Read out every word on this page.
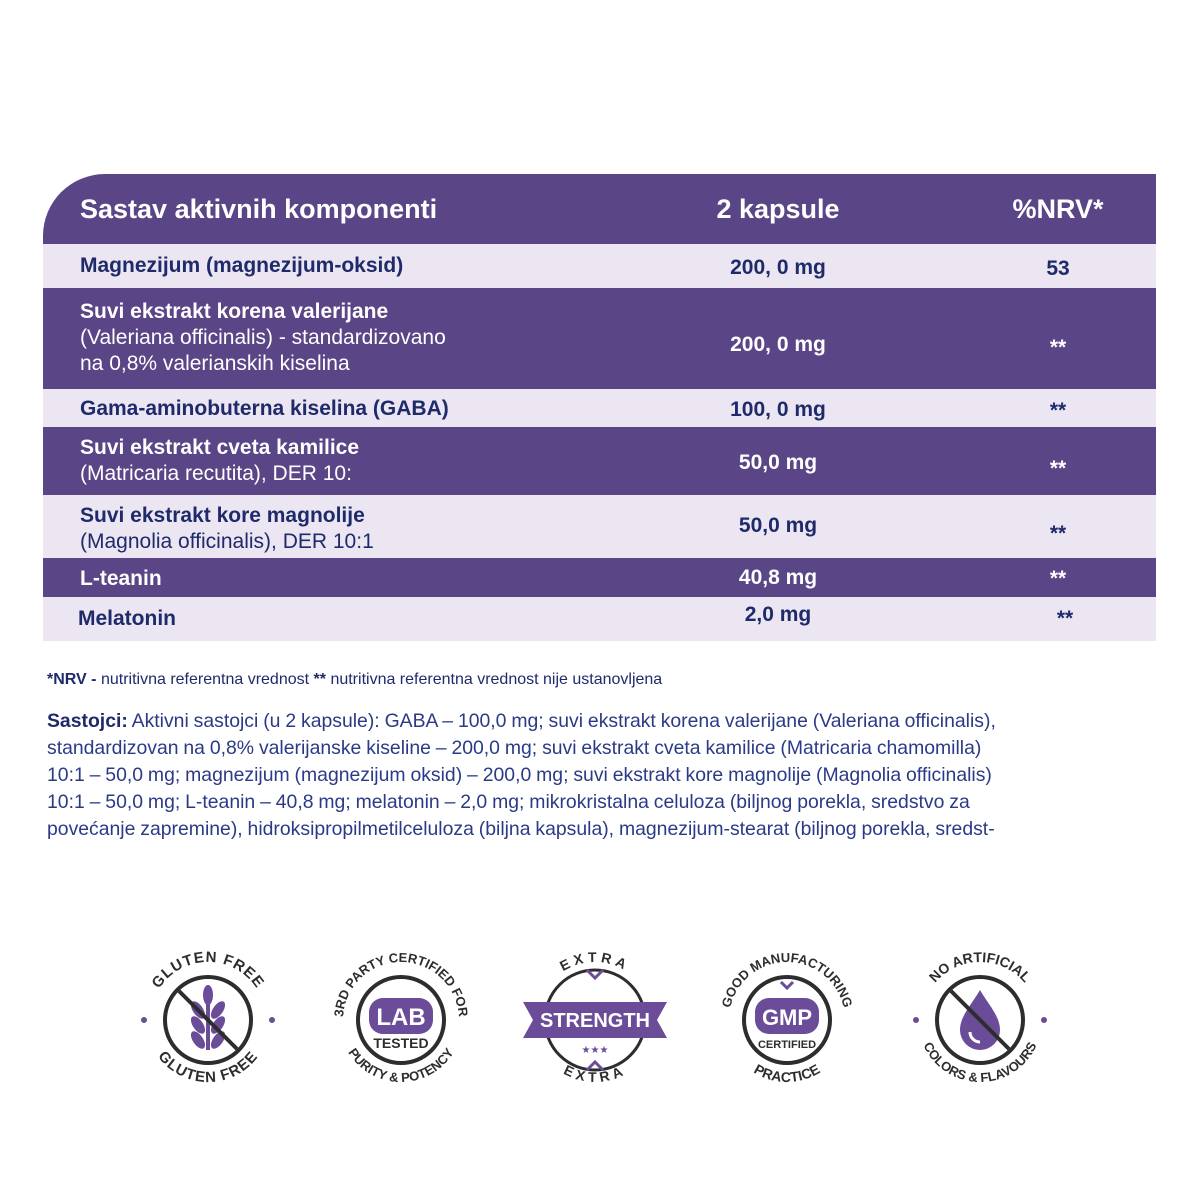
Sastav aktivnih komponenti	2 kapsule	%NRV*
Magnezijum (magnezijum-oksid)	200, 0 mg	53
Suvi ekstrakt korena valerijane
(Valeriana officinalis) - standardizovano
na 0,8% valerianskih kiselina
200, 0 mg	**
Gama-aminobuterna kiselina (GABA)	100, 0 mg	**
Suvi ekstrakt cveta kamilice
(Matricaria recutita), DER 10:	50,0 mg	**
Suvi ekstrakt kore magnolije
(Magnolia officinalis), DER 10:1
50,0 mg	**
L-teanin	40,8 mg	**
Melatonin	2,0 mg	**
*NRV - nutritivna referentna vrednost ** nutritivna referentna vrednost nije ustanovljena
Sastojci: Aktivni sastojci (u 2 kapsule): GABA – 100,0 mg; suvi ekstrakt korena valerijane (Valeriana officinalis),
standardizovan na 0,8% valerijanske kiseline – 200,0 mg; suvi ekstrakt cveta kamilice (Matricaria chamomilla)
10:1 – 50,0 mg; magnezijum (magnezijum oksid) – 200,0 mg; suvi ekstrakt kore magnolije (Magnolia officinalis)
10:1 – 50,0 mg; L-teanin – 40,8 mg; melatonin – 2,0 mg; mikrokristalna celuloza (biljnog porekla, sredstvo za
povećanje zapremine), hidroksipropilmetilceluloza (biljna kapsula), magnezijum-stearat (biljnog porekla, sredst-
GLUTEN FREE
GLUTEN FREE
3RD PARTY CERTIFIED FOR
PURITY & POTENCY
LAB
TESTED
EXTRA
EXTRA
STRENGTH
★★★
GOOD MANUFACTURING
PRACTICE
GMP
CERTIFIED
NO ARTIFICIAL
COLORS & FLAVOURS
